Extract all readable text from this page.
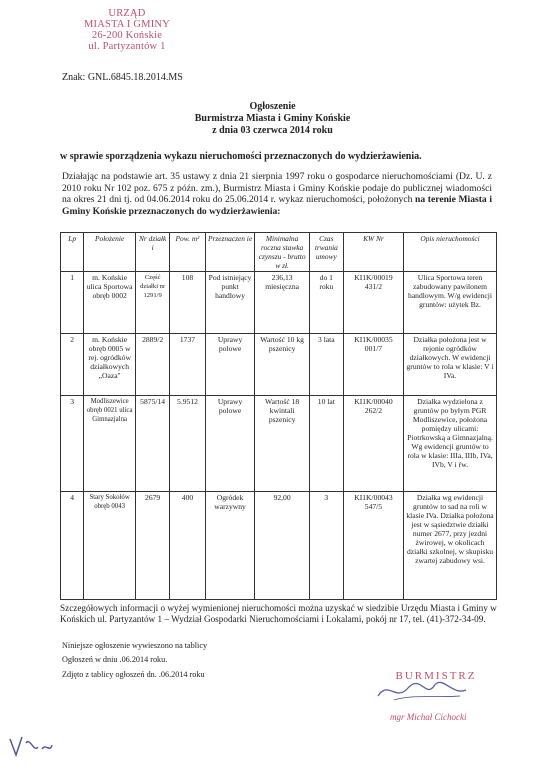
URZĄD
MIASTA I GMINY
26-200 Końskie
ul. Partyzantów 1
Znak: GNL.6845.18.2014.MS
Ogłoszenie
Burmistrza Miasta i Gminy Końskie
z dnia 03 czerwca 2014 roku
w sprawie sporządzenia wykazu nieruchomości przeznaczonych do wydzierżawienia.
Działając na podstawie art. 35 ustawy z dnia 21 sierpnia 1997 roku o gospodarce nieruchomościami (Dz. U. z 2010 roku Nr 102 poz. 675 z późn. zm.), Burmistrz Miasta i Gminy Końskie podaje do publicznej wiadomości na okres 21 dni tj. od 04.06.2014 roku do 25.06.2014 r. wykaz nieruchomości, położonych na terenie Miasta i Gminy Końskie przeznaczonych do wydzierżawienia:
Lp	Położenie	Nr działk i	Pow. m²	Przeznaczen ie	Minimalna roczna stawka czynszu - brutto w zł.	Czas trwania umowy	KW Nr	Opis nieruchomości
1	m. Końskie ulica Sportowa obręb 0002	Część działki nr 1291/9	108	Pod istniejący punkt handlowy	236,13 miesięczna	do 1 roku	KI1K/00019 431/2	Ulica Sportowa teren zabudowany pawilonem handlowym. W/g ewidencji gruntów: użytek Bz.
2	m. Końskie obręb 0005 w rej. ogródków działkowych „Oaza"	2889/2	1737	Uprawy polowe	Wartość 10 kg pszenicy	3 lata	KI1K/00035 001/7	Działka położona jest w rejonie ogródków działkowych. W ewidencji gruntów to rola w klasie: V i IVa.
3	Modliszewice obręb 0021 ulica Gimnazjalna	5875/14	5.9512	Uprawy polowe	Wartość 18 kwintali pszenicy	10 lat	KI1K/00040 262/2	Działka wydzielona z gruntów po byłym PGR Modliszewice, położona pomiędzy ulicami: Piotrkowską a Gimnazjalną. Wg ewidencji gruntów to rola w klasie: IIIa, IIIb, IVa, IVb, V i ŕw.
4	Stary Sokołów obręb 0043	2679	400	Ogródek warzywny	92,00	3	KI1K/00043 547/5	Działka wg ewidencji gruntów to sad na roli w klasie IVa. Działka położona jest w sąsiedztwie działki numer 2677, przy jezdni żwirowej, w okolicach działki szkolnej, w skupisku zwartej zabudowy wsi.
Szczegółowych informacji o wyżej wymienionej nieruchomości można uzyskać w siedzibie Urzędu Miasta i Gminy w Końskich ul. Partyzantów 1 – Wydział Gospodarki Nieruchomościami i Lokalami, pokój nr 17, tel. (41)-372-34-09.
Niniejsze ogłoszenie wywieszono na tablicy
Ogłoszeń w dniu .06.2014 roku.
Zdjęto z tablicy ogłoszeń dn. .06.2014 roku	BURMISTRZ
mgr Michał Cichocki
